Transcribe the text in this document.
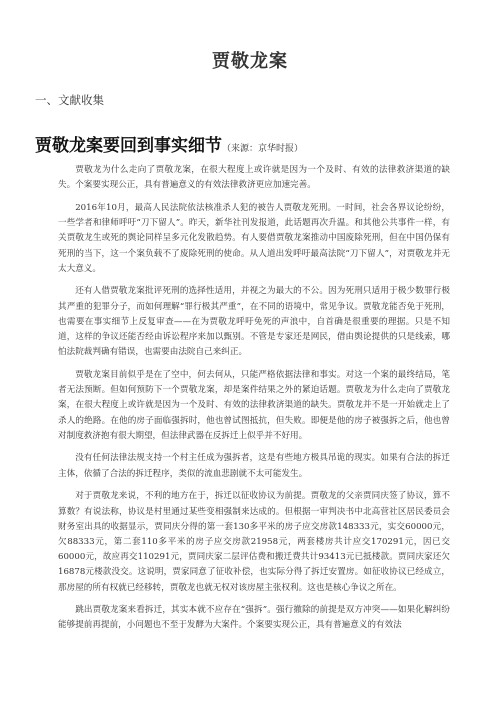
贾敬龙案
一、文献收集
贾敬龙案要回到事实细节（来源：京华时报）

贾敬龙为什么走向了贾敬龙案，在很大程度上或许就是因为一个及时、有效的法律救济渠道的缺失。个案要实现公正，具有普遍意义的有效法律救济更应加速完善。

2016年10月，最高人民法院依法核准杀人犯的被告人贾敬龙死刑。一时间，社会各界议论纷纷，一些学者和律师呼吁“刀下留人”。昨天，新华社刊发报道，此话题再次升温。和其他公共事件一样，有关贾敬龙生或死的舆论同样呈多元化发散趋势。有人要借贾敬龙案推动中国废除死刑，但在中国仍保有死刑的当下，这一个案负载不了废除死刑的使命。从人道出发呼吁最高法院“刀下留人”，对贾敬龙并无太大意义。

还有人借贾敬龙案批评死刑的选择性适用，并视之为最大的不公。因为死刑只适用于极少数罪行极其严重的犯罪分子，而如何理解“罪行极其严重”，在不同的语境中，常见争议。贾敬龙能否免于死刑，也需要在事实细节上反复审查——在为贾敬龙呼吁免死的声浪中，自首确是很重要的理据。只是不知道，这样的争议还能否经由诉讼程序来加以甄别。不管是专家还是网民，借由舆论提供的只是线索，哪怕法院裁判确有错误，也需要由法院自己来纠正。

贾敬龙案目前似乎是在了空中，何去何从，只能严格依据法律和事实。对这一个案的最终结局，笔者无法预断。但如何预防下一个贾敬龙案，却是案件结果之外的紧迫话题。贾敬龙为什么走向了贾敬龙案，在很大程度上或许就是因为一个及时、有效的法律救济渠道的缺失。贾敬龙并不是一开始就走上了杀人的绝路。在他的房子面临强拆时，他也曾试图抵抗，但失败。即便是他的房子被强拆之后，他也曾对制度救济抱有很大期望，但法律武器在反拆迁上似乎并不好用。

没有任何法律法规支持一个村主任成为强拆者，这是有些地方极具吊诡的现实。如果有合法的拆迁主体，依循了合法的拆迁程序，类似的流血悲剧就不太可能发生。

对于贾敬龙来说，不利的地方在于，拆迁以征收协议为前提。贾敬龙的父亲贾同庆签了协议，算不算数？有说法称，协议是村里通过某些变相强制来达成的。但根据一审判决书中北高营社区居民委员会财务室出具的收据显示，贾同庆分得的第一套130多平米的房子应交房款148333元，实交60000元，欠88333元，第二套110多平米的房子应交房款21958元，两套楼房共计应交170291元，因已交60000元，故应再交110291元，贾同庆家二层评估费和搬迁费共计93413元已抵楼款。贾同庆家还欠16878元楼款没交。这说明，贾家同意了征收补偿，也实际分得了拆迁安置房。如征收协议已经成立，那房屋的所有权就已经移转，贾敬龙也就无权对该房屋主张权利。这也是核心争议之所在。

跳出贾敬龙案来看拆迁，其实本就不应存在“强拆”。强行撤除的前提是双方冲突——如果化解纠纷能够提前再提前，小问题也不至于发酵为大案件。个案要实现公正，具有普遍意义的有效法
